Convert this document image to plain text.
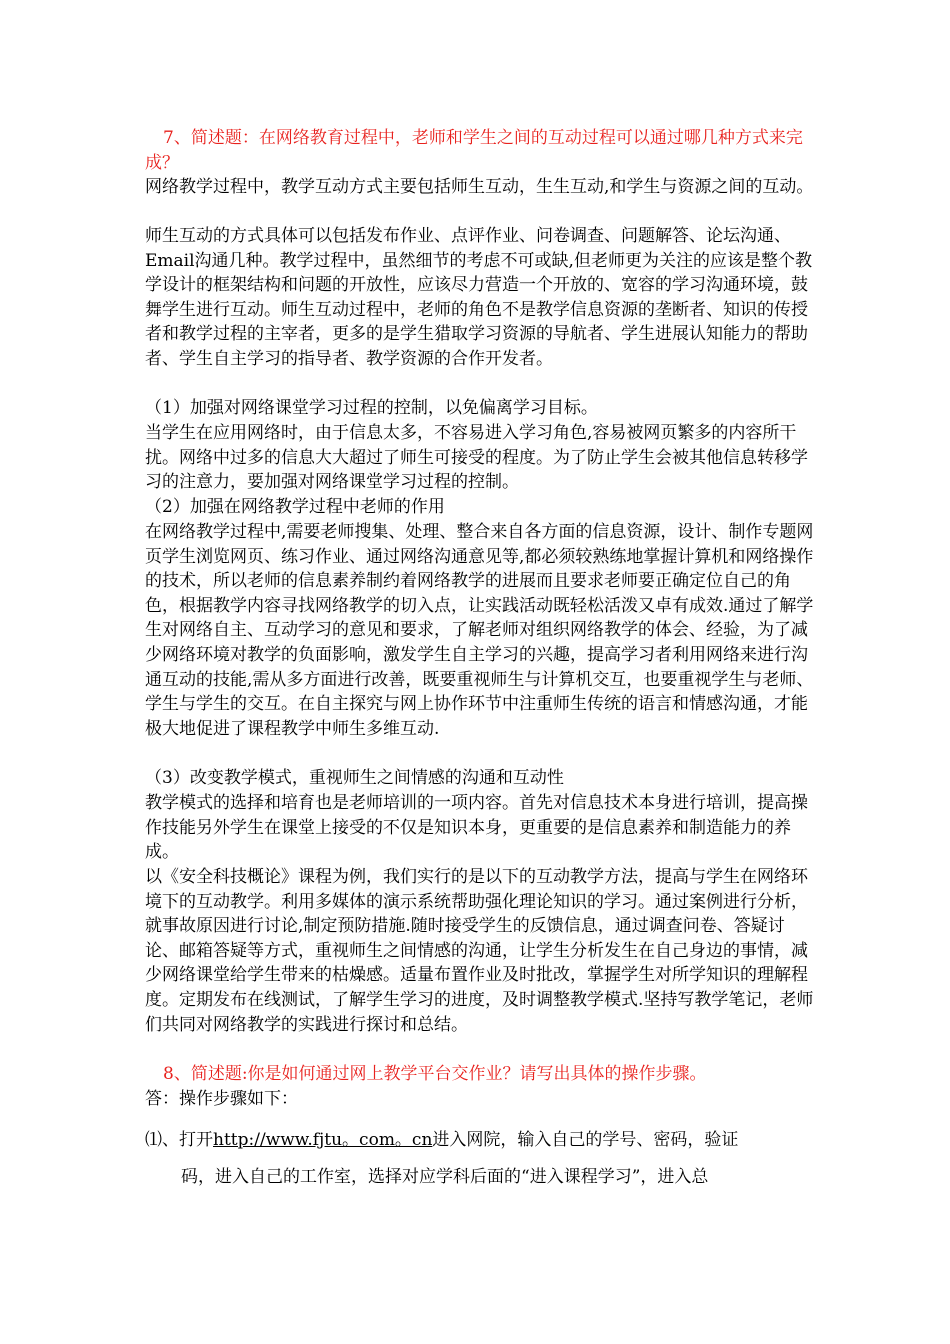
7、简述题：在网络教育过程中，老师和学生之间的互动过程可以通过哪几种方式来完成？

网络教学过程中，教学互动方式主要包括师生互动，生生互动,和学生与资源之间的互动。

师生互动的方式具体可以包括发布作业、点评作业、问卷调查、问题解答、论坛沟通、Email沟通几种。教学过程中，虽然细节的考虑不可或缺,但老师更为关注的应该是整个教学设计的框架结构和问题的开放性，应该尽力营造一个开放的、宽容的学习沟通环境，鼓舞学生进行互动。师生互动过程中，老师的角色不是教学信息资源的垄断者、知识的传授者和教学过程的主宰者，更多的是学生猎取学习资源的导航者、学生进展认知能力的帮助者、学生自主学习的指导者、教学资源的合作开发者。

（1）加强对网络课堂学习过程的控制，以免偏离学习目标。

当学生在应用网络时，由于信息太多，不容易进入学习角色,容易被网页繁多的内容所干扰。网络中过多的信息大大超过了师生可接受的程度。为了防止学生会被其他信息转移学习的注意力，要加强对网络课堂学习过程的控制。

（2）加强在网络教学过程中老师的作用

在网络教学过程中,需要老师搜集、处理、整合来自各方面的信息资源，设计、制作专题网页学生浏览网页、练习作业、通过网络沟通意见等,都必须较熟练地掌握计算机和网络操作的技术，所以老师的信息素养制约着网络教学的进展而且要求老师要正确定位自己的角色，根据教学内容寻找网络教学的切入点，让实践活动既轻松活泼又卓有成效.通过了解学生对网络自主、互动学习的意见和要求，了解老师对组织网络教学的体会、经验，为了减少网络环境对教学的负面影响，激发学生自主学习的兴趣，提高学习者利用网络来进行沟通互动的技能,需从多方面进行改善，既要重视师生与计算机交互，也要重视学生与老师、学生与学生的交互。在自主探究与网上协作环节中注重师生传统的语言和情感沟通，才能极大地促进了课程教学中师生多维互动.

（3）改变教学模式，重视师生之间情感的沟通和互动性

教学模式的选择和培育也是老师培训的一项内容。首先对信息技术本身进行培训，提高操作技能另外学生在课堂上接受的不仅是知识本身，更重要的是信息素养和制造能力的养成。

以《安全科技概论》课程为例，我们实行的是以下的互动教学方法，提高与学生在网络环境下的互动教学。利用多媒体的演示系统帮助强化理论知识的学习。通过案例进行分析，就事故原因进行讨论,制定预防措施.随时接受学生的反馈信息，通过调查问卷、答疑讨论、邮箱答疑等方式，重视师生之间情感的沟通，让学生分析发生在自己身边的事情，减少网络课堂给学生带来的枯燥感。适量布置作业及时批改，掌握学生对所学知识的理解程度。定期发布在线测试，了解学生学习的进度，及时调整教学模式.坚持写教学笔记，老师们共同对网络教学的实践进行探讨和总结。

8、简述题:你是如何通过网上教学平台交作业？请写出具体的操作步骤。

答：操作步骤如下：

⑴、打开http://www.fjtu。com。cn进入网院，输入自己的学号、密码，验证
码，进入自己的工作室，选择对应学科后面的“进入课程学习”，进入总
